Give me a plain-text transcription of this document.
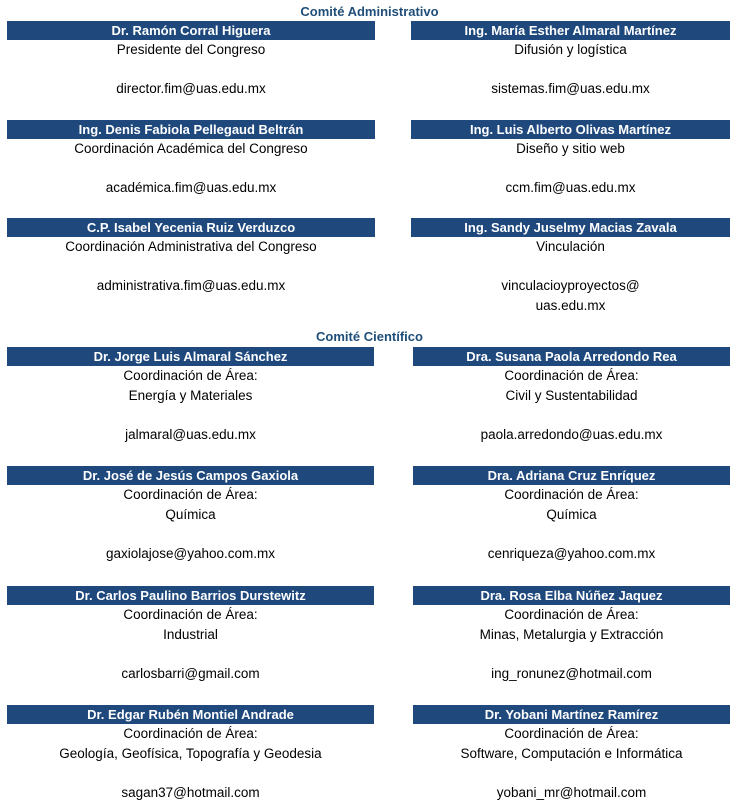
Comité Administrativo
Dr. Ramón Corral Higuera
Presidente del Congreso
director.fim@uas.edu.mx
Ing. María Esther Almaral Martínez
Difusión y logística
sistemas.fim@uas.edu.mx
Ing. Denis Fabiola Pellegaud Beltrán
Coordinación Académica del Congreso
académica.fim@uas.edu.mx
Ing. Luis Alberto Olivas Martínez
Diseño y sitio web
ccm.fim@uas.edu.mx
C.P. Isabel Yecenia Ruiz Verduzco
Coordinación Administrativa del Congreso
administrativa.fim@uas.edu.mx
Ing. Sandy Juselmy Macias Zavala
Vinculación
vinculacioyproyectos@
uas.edu.mx
Comité Científico
Dr. Jorge Luis Almaral Sánchez
Coordinación de Área:
Energía y Materiales
jalmaral@uas.edu.mx
Dra. Susana Paola Arredondo Rea
Coordinación de Área:
Civil y Sustentabilidad
paola.arredondo@uas.edu.mx
Dr. José de Jesús Campos Gaxiola
Coordinación de Área:
Química
gaxiolajose@yahoo.com.mx
Dra. Adriana Cruz Enríquez
Coordinación de Área:
Química
cenriqueza@yahoo.com.mx
Dr. Carlos Paulino Barrios Durstewitz
Coordinación de Área:
Industrial
carlosbarri@gmail.com
Dra. Rosa Elba Núñez Jaquez
Coordinación de Área:
Minas, Metalurgia y Extracción
ing_ronunez@hotmail.com
Dr. Edgar Rubén Montiel Andrade
Coordinación de Área:
Geología, Geofísica, Topografía y Geodesia
sagan37@hotmail.com
Dr. Yobani Martínez Ramírez
Coordinación de Área:
Software, Computación e Informática
yobani_mr@hotmail.com
